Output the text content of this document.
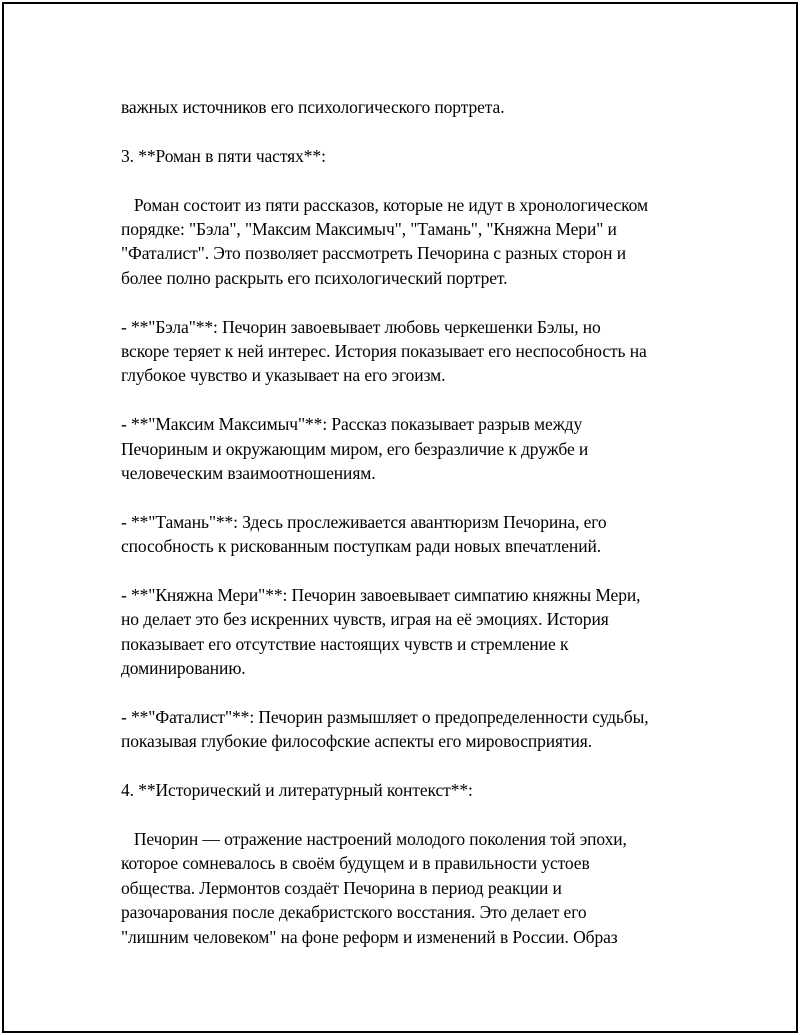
важных источников его психологического портрета.

3. **Роман в пяти частях**:

Роман состоит из пяти рассказов, которые не идут в хронологическом
порядке: "Бэла", "Максим Максимыч", "Тамань", "Княжна Мери" и
"Фаталист". Это позволяет рассмотреть Печорина с разных сторон и
более полно раскрыть его психологический портрет.

- **"Бэла"**: Печорин завоевывает любовь черкешенки Бэлы, но
вскоре теряет к ней интерес. История показывает его неспособность на
глубокое чувство и указывает на его эгоизм.

- **"Максим Максимыч"**: Рассказ показывает разрыв между
Печориным и окружающим миром, его безразличие к дружбе и
человеческим взаимоотношениям.

- **"Тамань"**: Здесь прослеживается авантюризм Печорина, его
способность к рискованным поступкам ради новых впечатлений.

- **"Княжна Мери"**: Печорин завоевывает симпатию княжны Мери,
но делает это без искренних чувств, играя на её эмоциях. История
показывает его отсутствие настоящих чувств и стремление к
доминированию.

- **"Фаталист"**: Печорин размышляет о предопределенности судьбы,
показывая глубокие философские аспекты его мировосприятия.

4. **Исторический и литературный контекст**:

Печорин — отражение настроений молодого поколения той эпохи,
которое сомневалось в своём будущем и в правильности устоев
общества. Лермонтов создаёт Печорина в период реакции и
разочарования после декабристского восстания. Это делает его
"лишним человеком" на фоне реформ и изменений в России. Образ
